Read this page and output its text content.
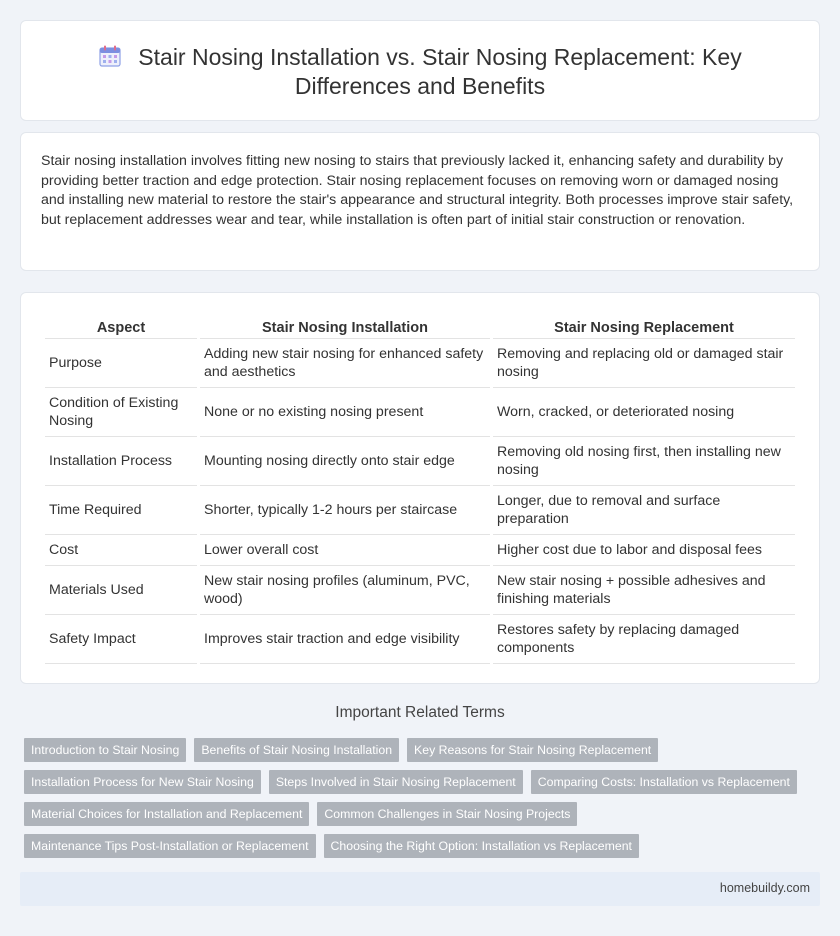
Stair Nosing Installation vs. Stair Nosing Replacement: Key Differences and Benefits

Stair nosing installation involves fitting new nosing to stairs that previously lacked it, enhancing safety and durability by providing better traction and edge protection. Stair nosing replacement focuses on removing worn or damaged nosing and installing new material to restore the stair's appearance and structural integrity. Both processes improve stair safety, but replacement addresses wear and tear, while installation is often part of initial stair construction or renovation.

Aspect	Stair Nosing Installation	Stair Nosing Replacement
Purpose	Adding new stair nosing for enhanced safety and aesthetics	Removing and replacing old or damaged stair nosing
Condition of Existing Nosing	None or no existing nosing present	Worn, cracked, or deteriorated nosing
Installation Process	Mounting nosing directly onto stair edge	Removing old nosing first, then installing new nosing
Time Required	Shorter, typically 1-2 hours per staircase	Longer, due to removal and surface preparation
Cost	Lower overall cost	Higher cost due to labor and disposal fees
Materials Used	New stair nosing profiles (aluminum, PVC, wood)	New stair nosing + possible adhesives and finishing materials
Safety Impact	Improves stair traction and edge visibility	Restores safety by replacing damaged components
Important Related Terms
Introduction to Stair Nosing	Benefits of Stair Nosing Installation	Key Reasons for Stair Nosing Replacement
Installation Process for New Stair Nosing	Steps Involved in Stair Nosing Replacement	Comparing Costs: Installation vs Replacement
Material Choices for Installation and Replacement	Common Challenges in Stair Nosing Projects
Maintenance Tips Post-Installation or Replacement	Choosing the Right Option: Installation vs Replacement
homebuildy.com
